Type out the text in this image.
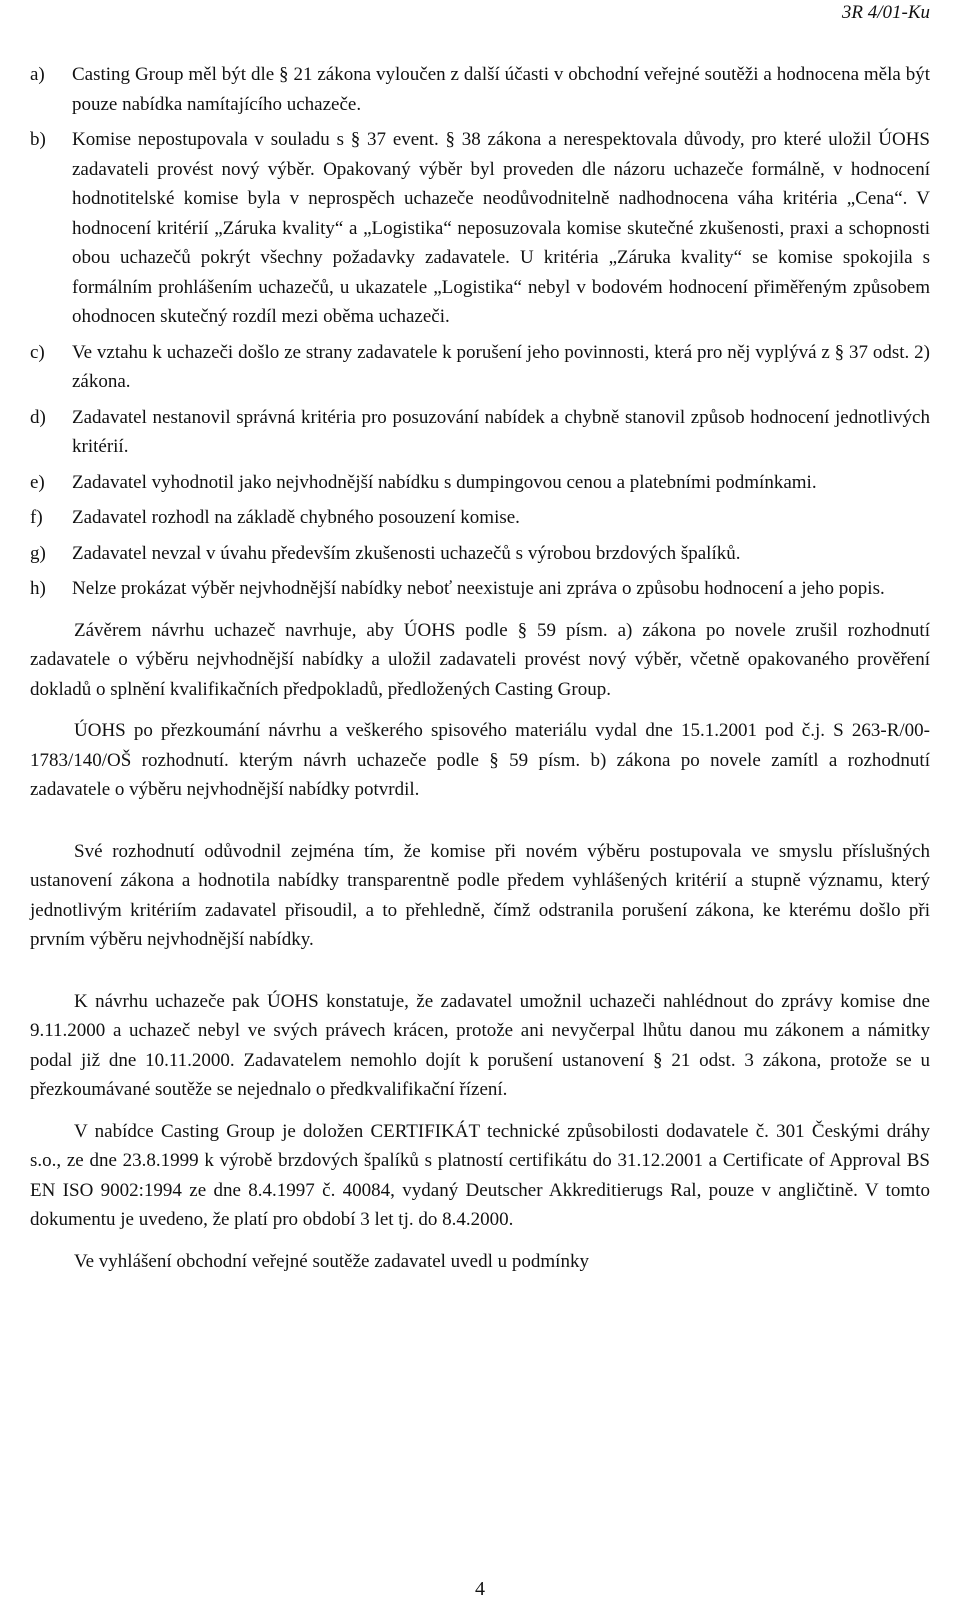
3R 4/01-Ku
a)	Casting Group měl být dle § 21 zákona vyloučen z další účasti v obchodní veřejné soutěži a hodnocena měla být pouze nabídka namítajícího uchazeče.
b)	Komise nepostupovala v souladu s § 37 event. § 38 zákona a nerespektovala důvody, pro které uložil ÚOHS zadavateli provést nový výběr. Opakovaný výběr byl proveden dle názoru uchazeče formálně, v hodnocení hodnotitelské komise byla v neprospěch uchazeče neodůvodnitelně nadhodnocena váha kritéria „Cena“. V hodnocení kritérií „Záruka kvality“ a „Logistika“ neposuzovala komise skutečné zkušenosti, praxi a schopnosti obou uchazečů pokrýt všechny požadavky zadavatele. U kritéria „Záruka kvality“ se komise spokojila s formálním prohlášením uchazečů, u ukazatele „Logistika“ nebyl v bodovém hodnocení přiměřeným způsobem ohodnocen skutečný rozdíl mezi oběma uchazeči.
c)	Ve vztahu k uchazeči došlo ze strany zadavatele k porušení jeho povinnosti, která pro něj vyplývá z § 37 odst. 2) zákona.
d)	Zadavatel nestanovil správná kritéria pro posuzování nabídek a chybně stanovil způsob hodnocení jednotlivých kritérií.
e)	Zadavatel vyhodnotil jako nejvhodnější nabídku s dumpingovou cenou a platebními podmínkami.
f)	Zadavatel rozhodl na základě chybného posouzení komise.
g)	Zadavatel nevzal v úvahu především zkušenosti uchazečů s výrobou brzdových špalíků.
h)	Nelze prokázat výběr nejvhodnější nabídky neboť neexistuje ani zpráva o způsobu hodnocení a jeho popis.

Závěrem návrhu uchazeč navrhuje, aby ÚOHS podle § 59 písm. a) zákona po novele zrušil rozhodnutí zadavatele o výběru nejvhodnější nabídky a uložil zadavateli provést nový výběr, včetně opakovaného prověření dokladů o splnění kvalifikačních předpokladů, předložených Casting Group.

ÚOHS po přezkoumání návrhu a veškerého spisového materiálu vydal dne 15.1.2001 pod č.j. S 263-R/00-1783/140/OŠ rozhodnutí. kterým návrh uchazeče podle § 59 písm. b) zákona po novele zamítl a rozhodnutí zadavatele o výběru nejvhodnější nabídky potvrdil.

Své rozhodnutí odůvodnil zejména tím, že komise při novém výběru postupovala ve smyslu příslušných ustanovení zákona a hodnotila nabídky transparentně podle předem vyhlášených kritérií a stupně významu, který jednotlivým kritériím zadavatel přisoudil, a to přehledně, čímž odstranila porušení zákona, ke kterému došlo při prvním výběru nejvhodnější nabídky.

K návrhu uchazeče pak ÚOHS konstatuje, že zadavatel umožnil uchazeči nahlédnout do zprávy komise dne 9.11.2000 a uchazeč nebyl ve svých právech krácen, protože ani nevyčerpal lhůtu danou mu zákonem a námitky podal již dne 10.11.2000. Zadavatelem nemohlo dojít k porušení ustanovení § 21 odst. 3 zákona, protože se u přezkoumávané soutěže se nejednalo o předkvalifikační řízení.

V nabídce Casting Group je doložen CERTIFIKÁT technické způsobilosti dodavatele č. 301 Českými dráhy s.o., ze dne 23.8.1999 k výrobě brzdových špalíků s platností certifikátu do 31.12.2001 a Certificate of Approval BS EN ISO 9002:1994 ze dne 8.4.1997 č. 40084, vydaný Deutscher Akkreditierugs Ral, pouze v angličtině. V tomto dokumentu je uvedeno, že platí pro období 3 let tj. do 8.4.2000.

Ve vyhlášení obchodní veřejné soutěže zadavatel uvedl u podmínky

4
